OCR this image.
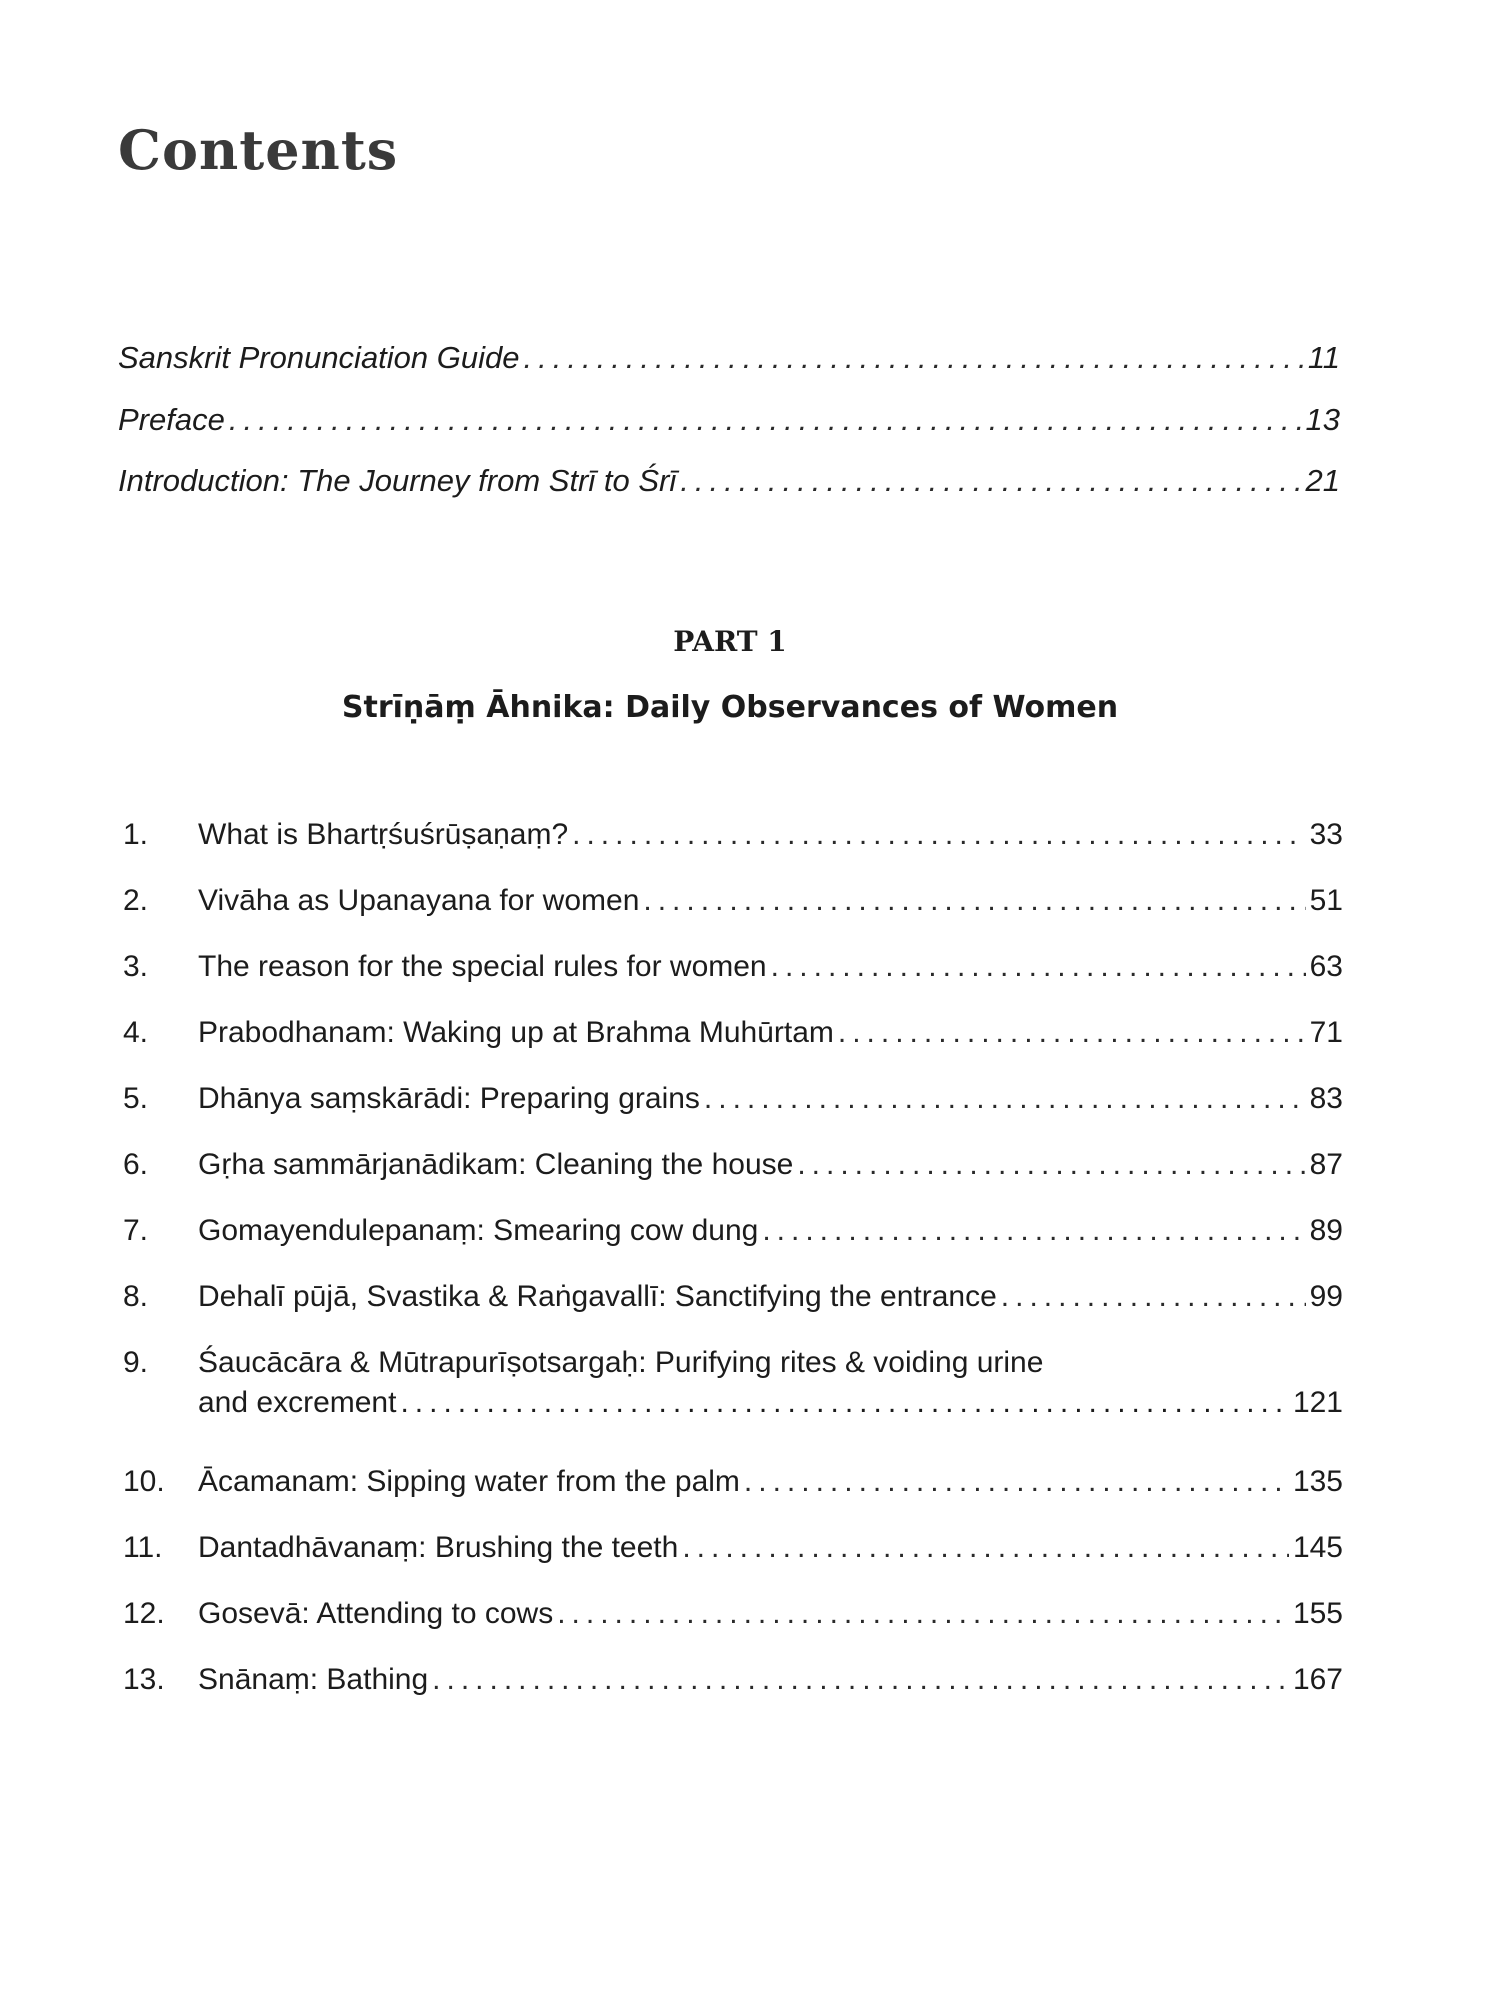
Contents
Sanskrit Pronunciation Guide .....	11
Preface .....	13
Introduction: The Journey from Strī to Śrī .....	21
PART 1
Strīṇāṃ Āhnika: Daily Observances of Women
1.	What is Bhartṛśuśrūṣaṇaṃ? .....	33
2.	Vivāha as Upanayana for women .....	51
3.	The reason for the special rules for women .....	63
4.	Prabodhanam: Waking up at Brahma Muhūrtam .....	71
5.	Dhānya saṃskārādi: Preparing grains .....	83
6.	Gṛha sammārjanādikam: Cleaning the house .....	87
7.	Gomayendulepanaṃ: Smearing cow dung .....	89
8.	Dehalī pūjā, Svastika & Raṅgavallī: Sanctifying the entrance .....	99
9.	Śaucācāra & Mūtrapurīṣotsargaḥ: Purifying rites & voiding urine
and excrement .....	121
10.	Ācamanam: Sipping water from the palm .....	135
11.	Dantadhāvanaṃ: Brushing the teeth .....	145
12.	Gosevā: Attending to cows .....	155
13.	Snānaṃ: Bathing .....	167
